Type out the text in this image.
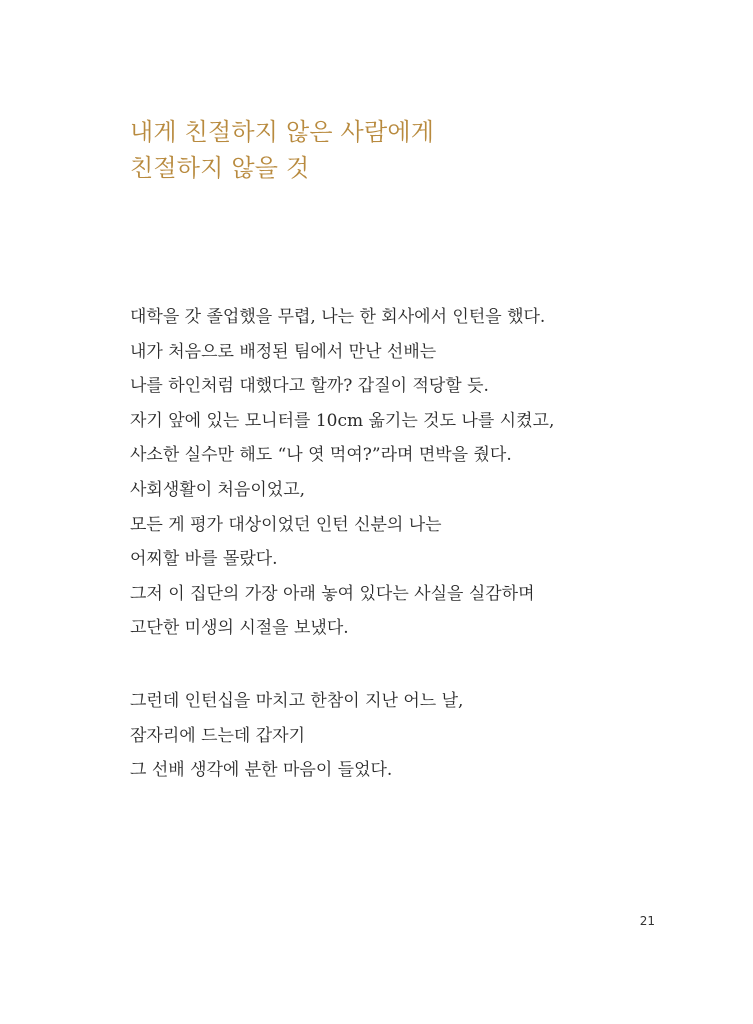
내게 친절하지 않은 사람에게
친절하지 않을 것

대학을 갓 졸업했을 무렵, 나는 한 회사에서 인턴을 했다.
내가 처음으로 배정된 팀에서 만난 선배는
나를 하인처럼 대했다고 할까? 갑질이 적당할 듯.
자기 앞에 있는 모니터를 10cm 옮기는 것도 나를 시켰고,
사소한 실수만 해도 “나 엿 먹여?”라며 면박을 줬다.
사회생활이 처음이었고,
모든 게 평가 대상이었던 인턴 신분의 나는
어찌할 바를 몰랐다.
그저 이 집단의 가장 아래 놓여 있다는 사실을 실감하며
고단한 미생의 시절을 보냈다.

그런데 인턴십을 마치고 한참이 지난 어느 날,
잠자리에 드는데 갑자기
그 선배 생각에 분한 마음이 들었다.

21
